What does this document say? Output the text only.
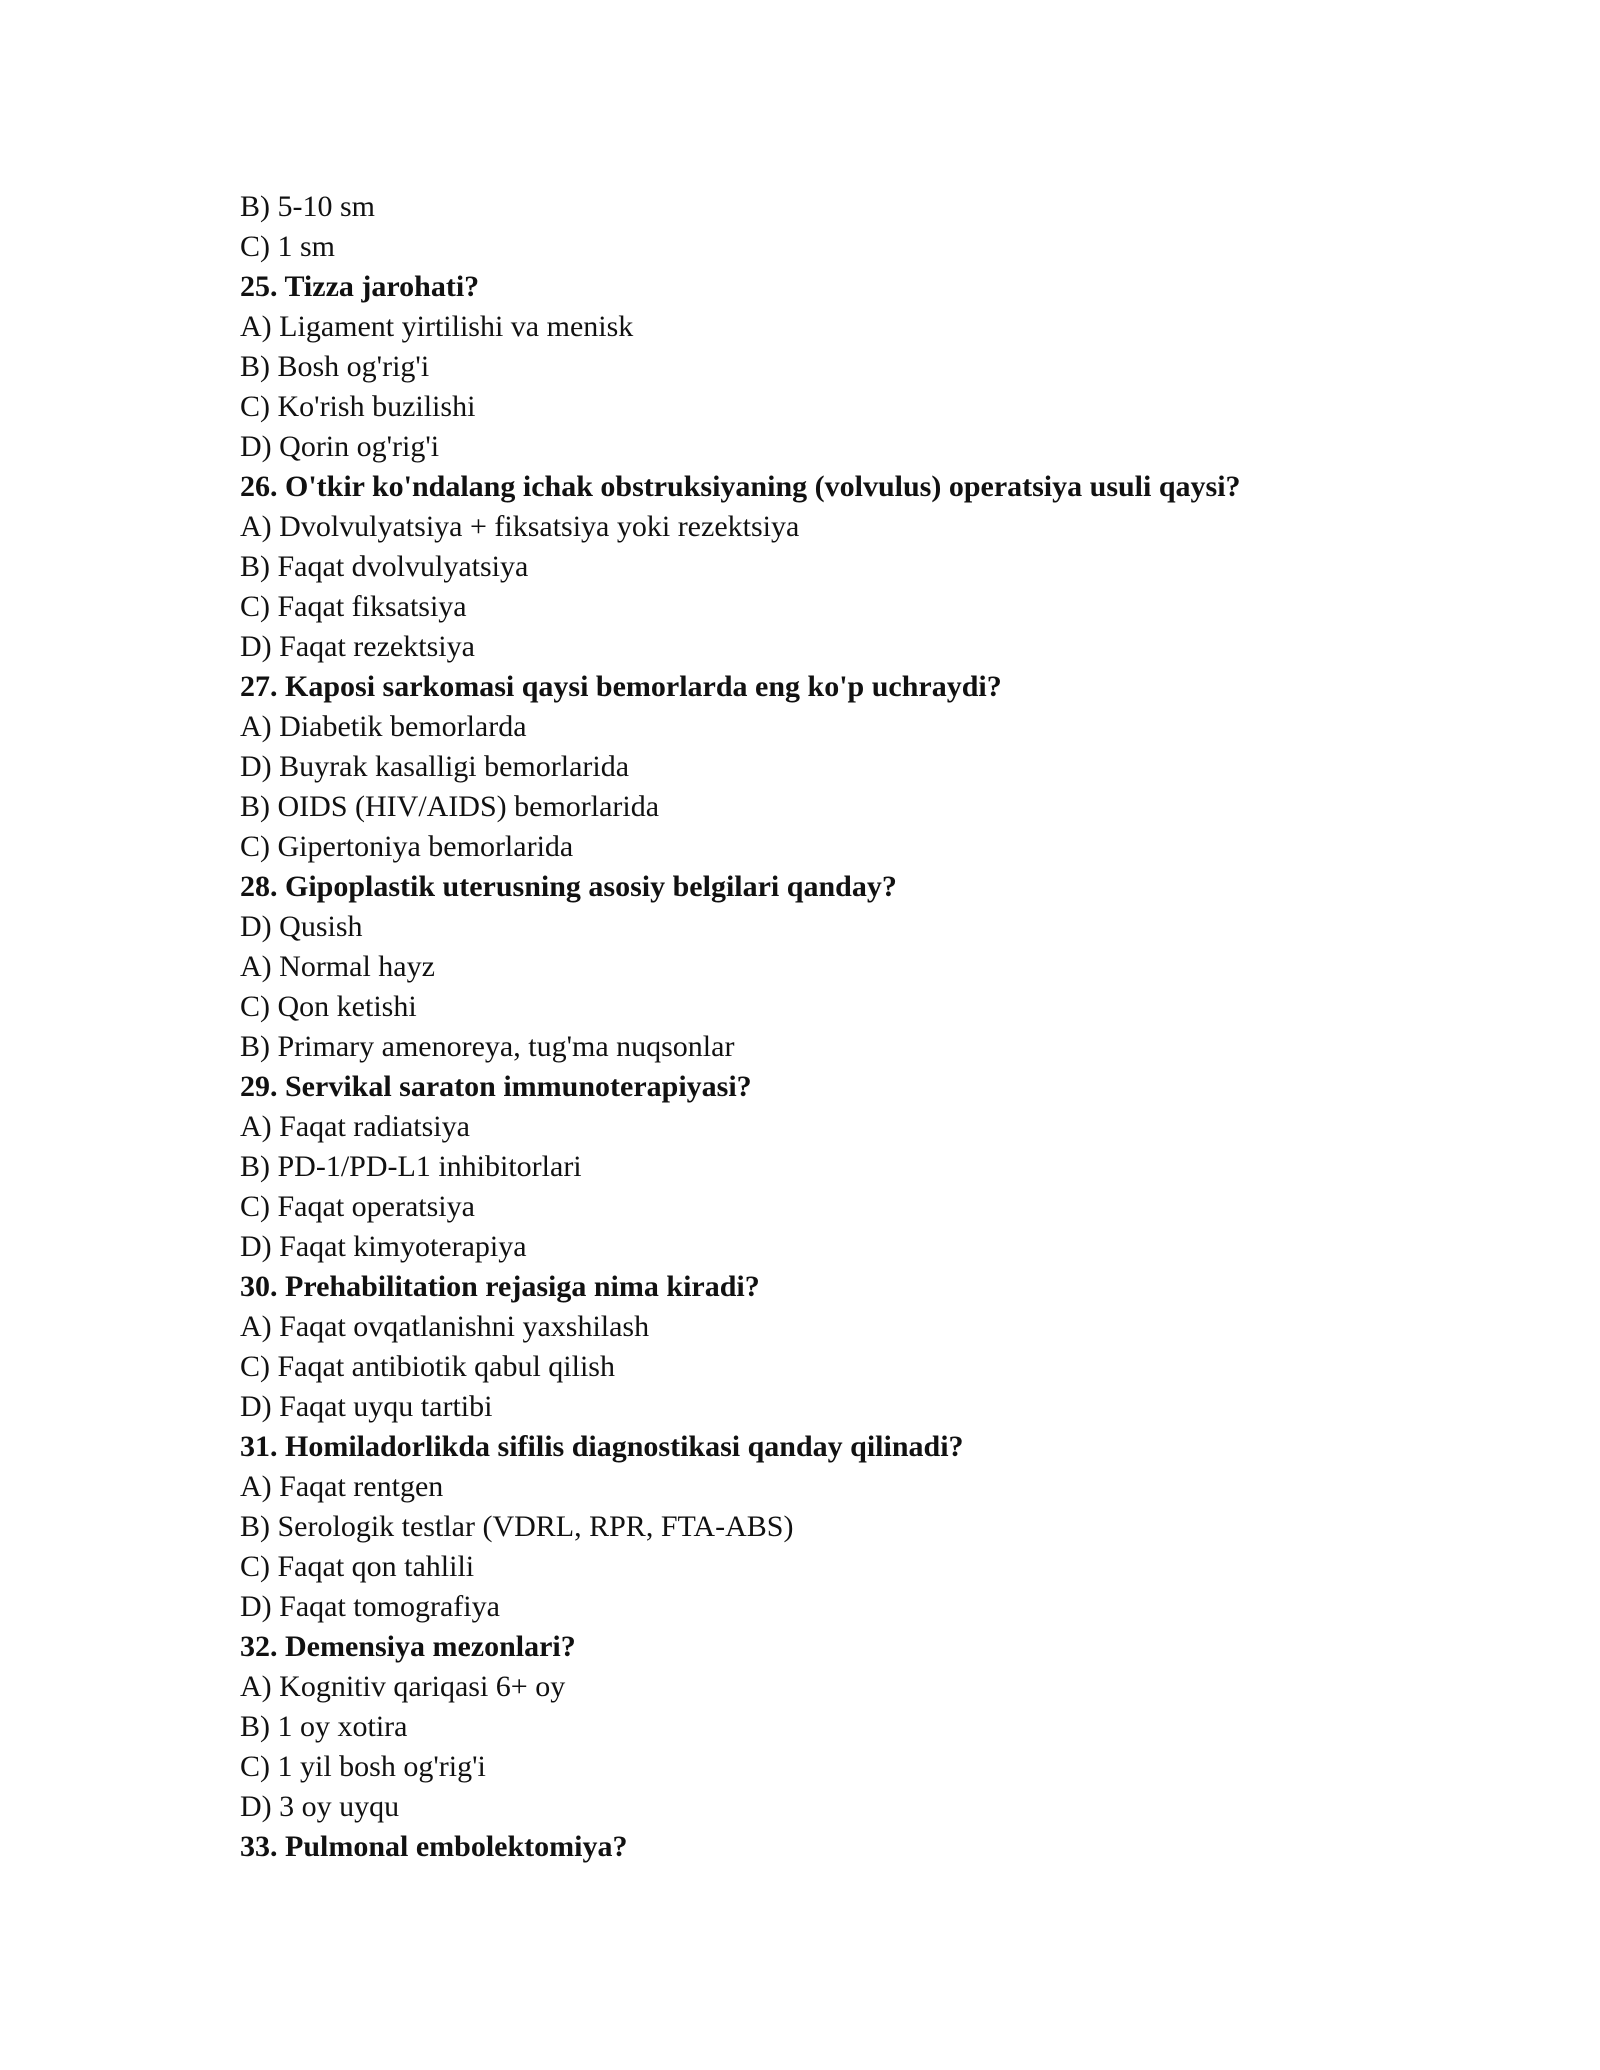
B) 5-10 sm
C) 1 sm
25. Tizza jarohati?
A) Ligament yirtilishi va menisk
B) Bosh og'rig'i
C) Ko'rish buzilishi
D) Qorin og'rig'i
26. O'tkir ko'ndalang ichak obstruksiyaning (volvulus) operatsiya usuli qaysi?
A) Dvolvulyatsiya + fiksatsiya yoki rezektsiya
B) Faqat dvolvulyatsiya
C) Faqat fiksatsiya
D) Faqat rezektsiya
27. Kaposi sarkomasi qaysi bemorlarda eng ko'p uchraydi?
A) Diabetik bemorlarda
D) Buyrak kasalligi bemorlarida
B) OIDS (HIV/AIDS) bemorlarida
C) Gipertoniya bemorlarida
28. Gipoplastik uterusning asosiy belgilari qanday?
D) Qusish
A) Normal hayz
C) Qon ketishi
B) Primary amenoreya, tug'ma nuqsonlar
29. Servikal saraton immunoterapiyasi?
A) Faqat radiatsiya
B) PD-1/PD-L1 inhibitorlari
C) Faqat operatsiya
D) Faqat kimyoterapiya
30. Prehabilitation rejasiga nima kiradi?
A) Faqat ovqatlanishni yaxshilash
C) Faqat antibiotik qabul qilish
D) Faqat uyqu tartibi
31. Homiladorlikda sifilis diagnostikasi qanday qilinadi?
A) Faqat rentgen
B) Serologik testlar (VDRL, RPR, FTA-ABS)
C) Faqat qon tahlili
D) Faqat tomografiya
32. Demensiya mezonlari?
A) Kognitiv qariqasi 6+ oy
B) 1 oy xotira
C) 1 yil bosh og'rig'i
D) 3 oy uyqu
33. Pulmonal embolektomiya?
